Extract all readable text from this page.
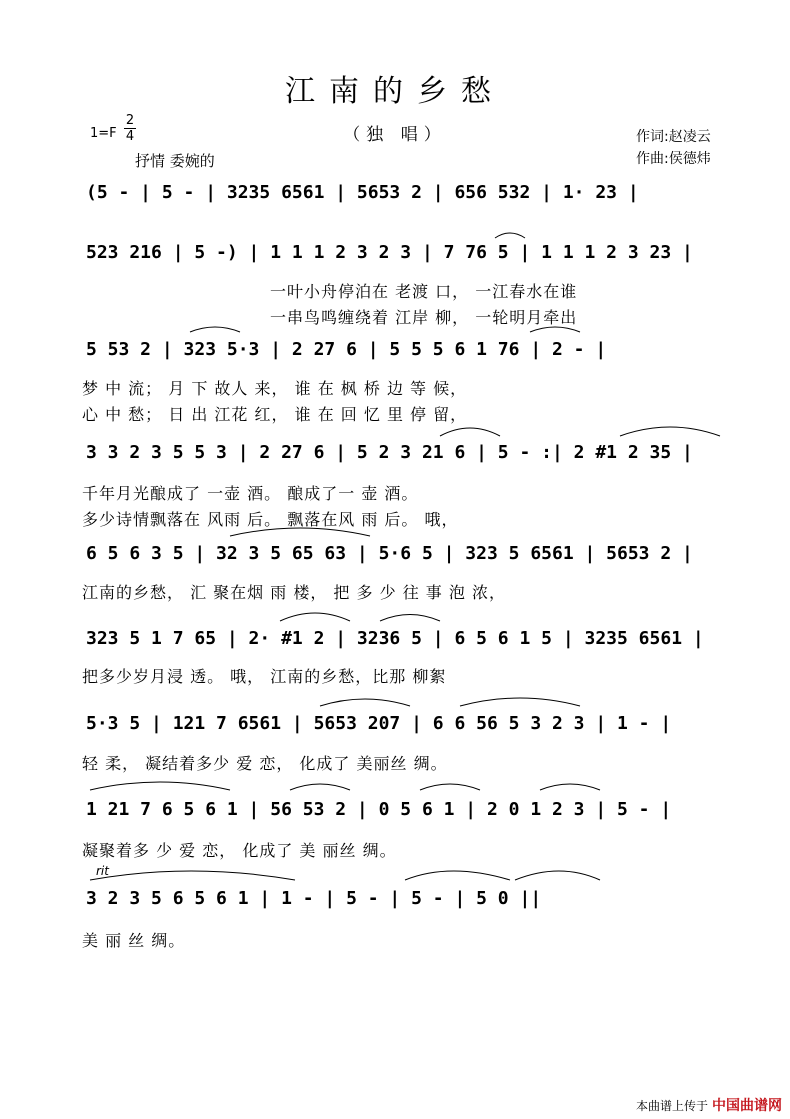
江南的乡愁
（独 唱）
1=F
2
4
抒情 委婉的
作词:赵凌云
作曲:侯德炜
(5 - | 5 - | 3235 6561 | 5653 2 | 656 532 | 1· 23 |
523 216 | 5 -) | 1 1 1 2 3 2 3 | 7 76 5 | 1 1 1 2 3 23 |
一叶小舟停泊在 老渡 口， 一江春水在谁
一串鸟鸣缠绕着 江岸 柳， 一轮明月牵出
5 53 2 | 323 5·3 | 2 27 6 | 5 5 5 6 1 76 | 2 - |
梦 中 流； 月 下 故人 来， 谁 在 枫 桥 边 等 候，
心 中 愁； 日 出 江花 红， 谁 在 回 忆 里 停 留，
3 3 2 3 5 5 3 | 2 27 6 | 5 2 3 21 6 | 5 - :| 2 #1 2 35 |
千年月光酿成了 一壶 酒。 酿成了一 壶 酒。
多少诗情飘落在 风雨 后。 飘落在风 雨 后。 哦，
6 5 6 3 5 | 32 3 5 65 63 | 5·6 5 | 323 5 6561 | 5653 2 |
江南的乡愁， 汇 聚在烟 雨 楼， 把 多 少 往 事 泡 浓，
323 5 1 7 65 | 2· #1 2 | 3236 5 | 6 5 6 1 5 | 3235 6561 |
把多少岁月浸 透。 哦， 江南的乡愁，比那 柳絮
5·3 5 | 121 7 6561 | 5653 207 | 6 6 56 5 3 2 3 | 1 - |
轻 柔， 凝结着多少 爱 恋， 化成了 美丽丝 绸。
1 21 7 6 5 6 1 | 56 53 2 | 0 5 6 1 | 2 0 1 2 3 | 5 - |
凝聚着多 少 爱 恋， 化成了 美 丽丝 绸。
rit
3 2 3 5 6 5 6 1 | 1 - | 5 - | 5 - | 5 0 ||
美 丽 丝 绸。
本曲谱上传于 中国曲谱网
